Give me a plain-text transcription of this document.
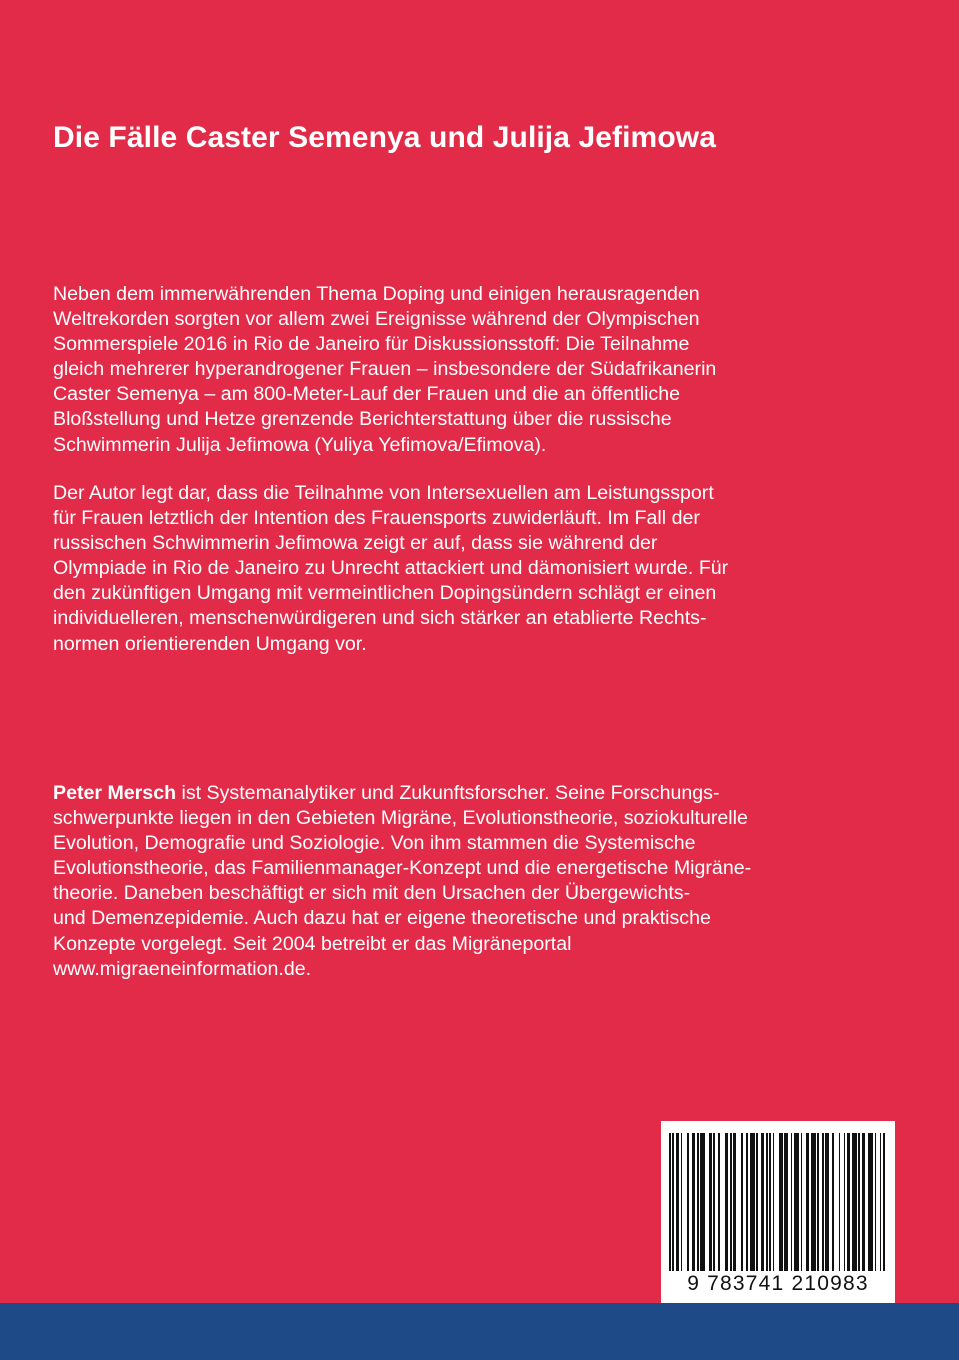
Die Fälle Caster Semenya und Julija Jefimowa

Neben dem immerwährenden Thema Doping und einigen herausragenden
Weltrekorden sorgten vor allem zwei Ereignisse während der Olympischen
Sommerspiele 2016 in Rio de Janeiro für Diskussionsstoff: Die Teilnahme
gleich mehrerer hyperandrogener Frauen – insbesondere der Südafrikanerin
Caster Semenya – am 800-Meter-Lauf der Frauen und die an öffentliche
Bloßstellung und Hetze grenzende Berichterstattung über die russische
Schwimmerin Julija Jefimowa (Yuliya Yefimova/Efimova).

Der Autor legt dar, dass die Teilnahme von Intersexuellen am Leistungssport
für Frauen letztlich der Intention des Frauensports zuwiderläuft. Im Fall der
russischen Schwimmerin Jefimowa zeigt er auf, dass sie während der
Olympiade in Rio de Janeiro zu Unrecht attackiert und dämonisiert wurde. Für
den zukünftigen Umgang mit vermeintlichen Dopingsündern schlägt er einen
individuelleren, menschenwürdigeren und sich stärker an etablierte Rechts-
normen orientierenden Umgang vor.

Peter Mersch ist Systemanalytiker und Zukunftsforscher. Seine Forschungs-
schwerpunkte liegen in den Gebieten Migräne, Evolutionstheorie, soziokulturelle
Evolution, Demografie und Soziologie. Von ihm stammen die Systemische
Evolutionstheorie, das Familienmanager-Konzept und die energetische Migräne-
theorie. Daneben beschäftigt er sich mit den Ursachen der Übergewichts-
und Demenzepidemie. Auch dazu hat er eigene theoretische und praktische
Konzepte vorgelegt. Seit 2004 betreibt er das Migräneportal
www.migraeneinformation.de.

9 783741 210983
